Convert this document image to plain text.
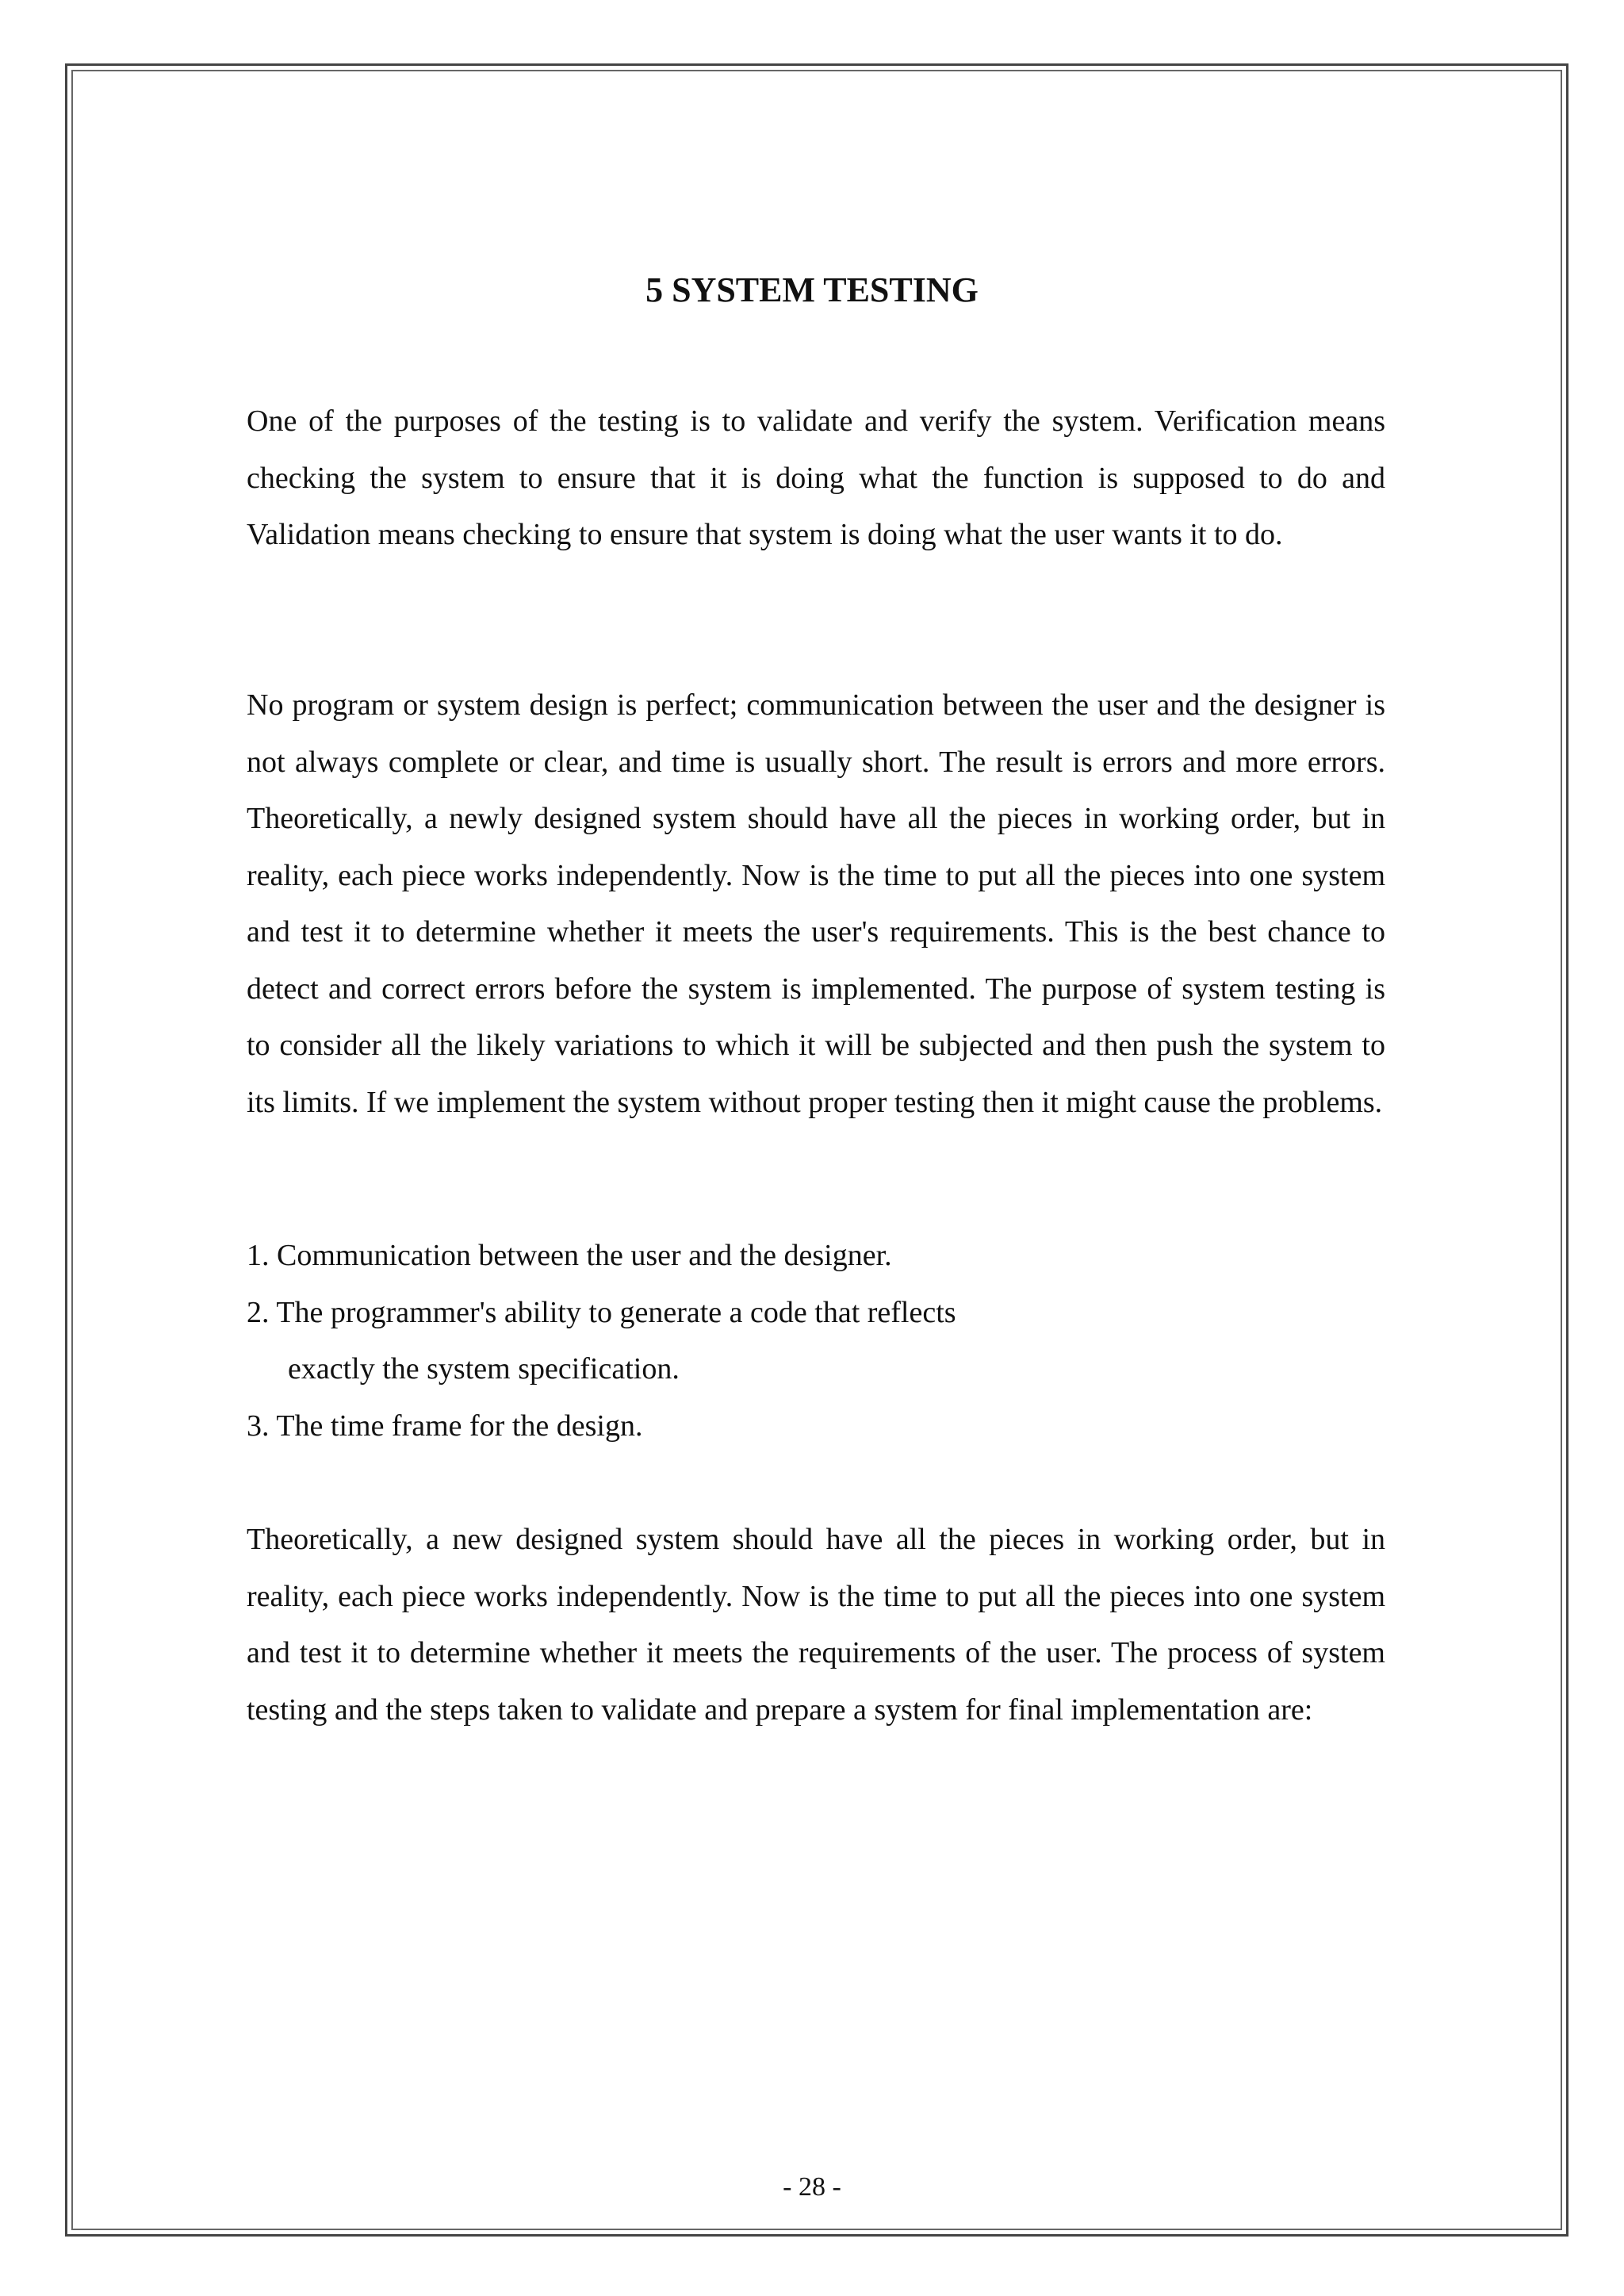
5 SYSTEM TESTING

One of the purposes of the testing is to validate and verify the system. Verification means checking the system to ensure that it is doing what the function is supposed to do and Validation means checking to ensure that system is doing what the user wants it to do.

No program or system design is perfect; communication between the user and the designer is not always complete or clear, and time is usually short. The result is errors and more errors. Theoretically, a newly designed system should have all the pieces in working order, but in reality, each piece works independently. Now is the time to put all the pieces into one system and test it to determine whether it meets the user's requirements. This is the best chance to detect and correct errors before the system is implemented. The purpose of system testing is to consider all the likely variations to which it will be subjected and then push the system to its limits. If we implement the system without proper testing then it might cause the problems.

1. Communication between the user and the designer.

2. The programmer's ability to generate a code that reflects

exactly the system specification.

3. The time frame for the design.

Theoretically, a new designed system should have all the pieces in working order, but in reality, each piece works independently. Now is the time to put all the pieces into one system and test it to determine whether it meets the requirements of the user. The process of system testing and the steps taken to validate and prepare a system for final implementation are:

- 28 -
